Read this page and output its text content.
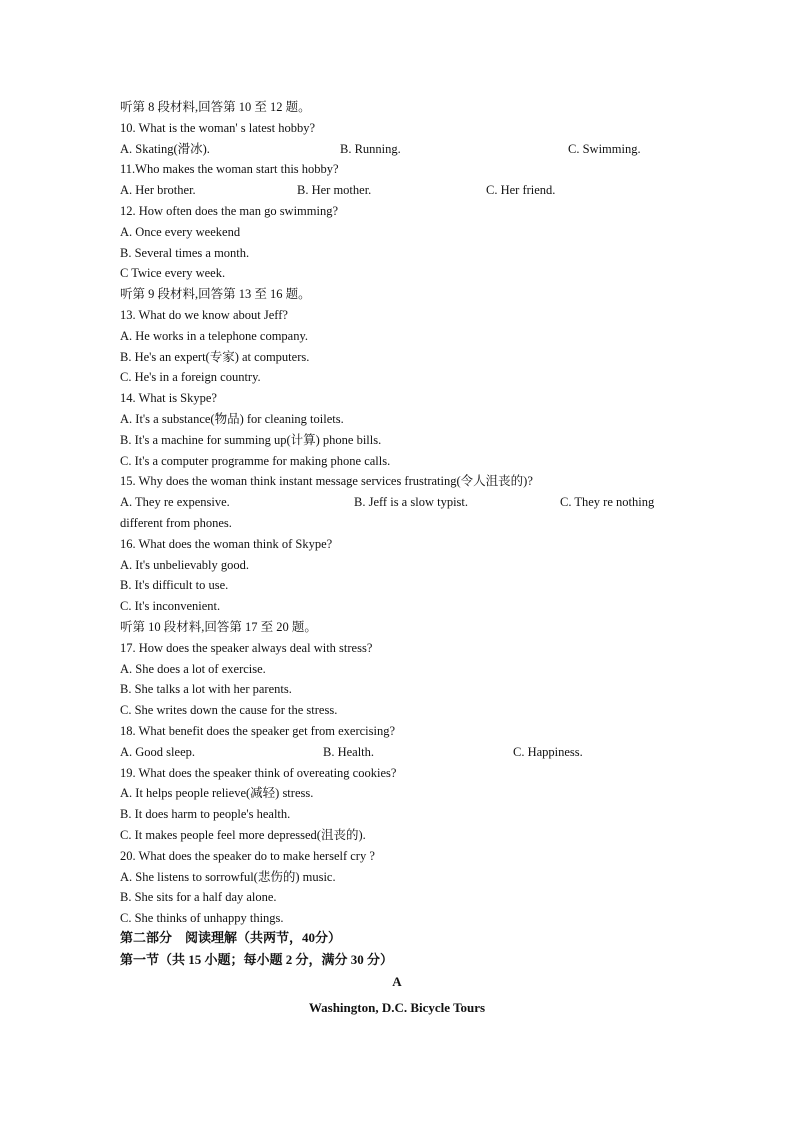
听第 8 段材料,回答第 10 至 12 题。
10. What is the woman' s latest hobby?
A. Skating(滑冰).	B. Running.	C. Swimming.
11.Who makes the woman start this hobby?
A. Her brother.	B. Her mother.	C. Her friend.
12. How often does the man go swimming?
A. Once every weekend
B. Several times a month.
C Twice every week.
听第 9 段材料,回答第 13 至 16 题。
13. What do we know about Jeff?
A. He works in a telephone company.
B. He's an expert(专家) at computers.
C. He's in a foreign country.
14. What is Skype?
A. It's a substance(物品) for cleaning toilets.
B. It's a machine for summing up(计算) phone bills.
C. It's a computer programme for making phone calls.
15. Why does the woman think instant message services frustrating(令人沮丧的)?
A. They re expensive.	B. Jeff is a slow typist.	C. They re nothing
different from phones.
16. What does the woman think of Skype?
A. It's unbelievably good.
B. It's difficult to use.
C. It's inconvenient.
听第 10 段材料,回答第 17 至 20 题。
17. How does the speaker always deal with stress?
A. She does a lot of exercise.
B. She talks a lot with her parents.
C. She writes down the cause for the stress.
18. What benefit does the speaker get from exercising?
A. Good sleep.	B. Health.	C. Happiness.
19. What does the speaker think of overeating cookies?
A. It helps people relieve(减轻) stress.
B. It does harm to people's health.
C. It makes people feel more depressed(沮丧的).
20. What does the speaker do to make herself cry ?
A. She listens to sorrowful(悲伤的) music.
B. She sits for a half day alone.
C. She thinks of unhappy things.
第二部分　阅读理解（共两节，40分）
第一节（共 15 小题；每小题 2 分，满分 30 分）
A
Washington, D.C. Bicycle Tours
